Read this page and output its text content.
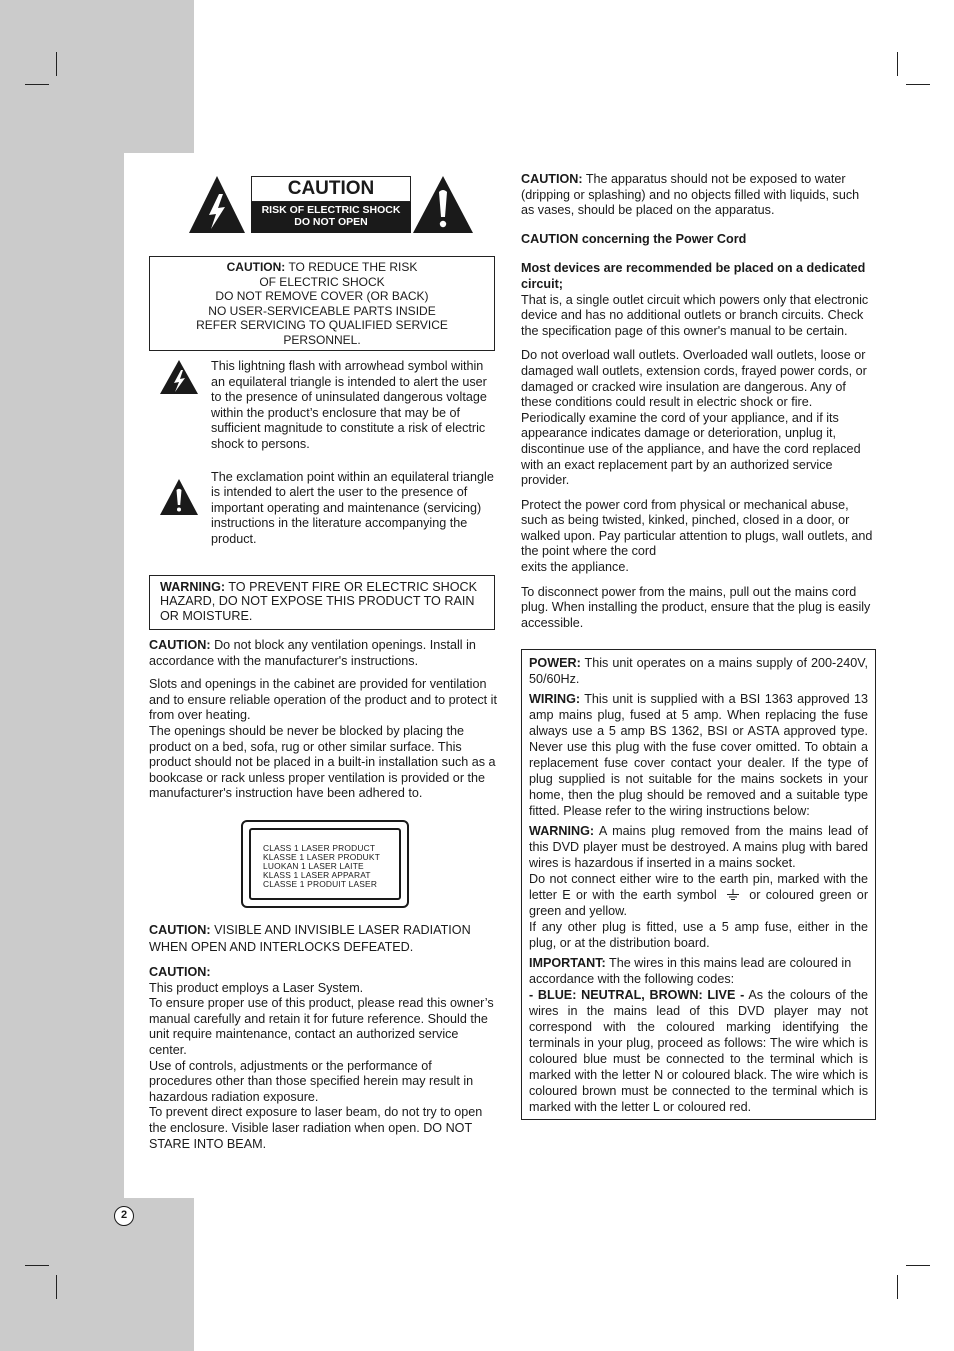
CAUTION
RISK OF ELECTRIC SHOCK
DO NOT OPEN
CAUTION: TO REDUCE THE RISK
OF ELECTRIC SHOCK
DO NOT REMOVE COVER (OR BACK)
NO USER-SERVICEABLE PARTS INSIDE
REFER SERVICING TO QUALIFIED SERVICE
PERSONNEL.

This lightning flash with arrowhead symbol within an equilateral triangle is intended to alert the user to the presence of uninsulated dangerous voltage within the product’s enclosure that may be of sufficient magnitude to constitute a risk of electric shock to persons.

The exclamation point within an equilateral triangle is intended to alert the user to the presence of important operating and maintenance (servicing) instructions in the literature accompanying the product.

WARNING: TO PREVENT FIRE OR ELECTRIC SHOCK HAZARD, DO NOT EXPOSE THIS PRODUCT TO RAIN OR MOISTURE.

CAUTION: Do not block any ventilation openings. Install in accordance with the manufacturer's instructions.

Slots and openings in the cabinet are provided for ventilation and to ensure reliable operation of the product and to protect it from over heating.

The openings should be never be blocked by placing the product on a bed, sofa, rug or other similar surface. This product should not be placed in a built-in installation such as a bookcase or rack unless proper ventilation is provided or the manufacturer's instruction have been adhered to.

CLASS 1 LASER PRODUCT
KLASSE 1 LASER PRODUKT
LUOKAN 1 LASER LAITE
KLASS 1 LASER APPARAT
CLASSE 1 PRODUIT LASER

CAUTION: VISIBLE AND INVISIBLE LASER RADIATION WHEN OPEN AND INTERLOCKS DEFEATED.

CAUTION:

This product employs a Laser System.

To ensure proper use of this product, please read this owner’s manual carefully and retain it for future reference. Should the unit require maintenance, contact an authorized service center.

Use of controls, adjustments or the performance of procedures other than those specified herein may result in hazardous radiation exposure.

To prevent direct exposure to laser beam, do not try to open the enclosure. Visible laser radiation when open. DO NOT STARE INTO BEAM.

CAUTION: The apparatus should not be exposed to water (dripping or splashing) and no objects filled with liquids, such as vases, should be placed on the apparatus.

CAUTION concerning the Power Cord

Most devices are recommended be placed on a dedicated circuit;

That is, a single outlet circuit which powers only that electronic device and has no additional outlets or branch circuits. Check the specification page of this owner's manual to be certain.

Do not overload wall outlets. Overloaded wall outlets, loose or damaged wall outlets, extension cords, frayed power cords, or damaged or cracked wire insulation are dangerous. Any of these conditions could result in electric shock or fire. Periodically examine the cord of your appliance, and if its appearance indicates damage or deterioration, unplug it, discontinue use of the appliance, and have the cord replaced with an exact replacement part by an authorized service provider.

Protect the power cord from physical or mechanical abuse, such as being twisted, kinked, pinched, closed in a door, or walked upon. Pay particular attention to plugs, wall outlets, and the point where the cord

exits the appliance.

To disconnect power from the mains, pull out the mains cord plug. When installing the product, ensure that the plug is easily accessible.

POWER: This unit operates on a mains supply of 200-240V, 50/60Hz.

WIRING: This unit is supplied with a BSI 1363 approved 13 amp mains plug, fused at 5 amp. When replacing the fuse always use a 5 amp BS 1362, BSI or ASTA approved type. Never use this plug with the fuse cover omitted. To obtain a replacement fuse cover contact your dealer. If the type of plug supplied is not suitable for the mains sockets in your home, then the plug should be removed and a suitable type fitted. Please refer to the wiring instructions below:

WARNING: A mains plug removed from the mains lead of this DVD player must be destroyed. A mains plug with bared wires is hazardous if inserted in a mains socket.

Do not connect either wire to the earth pin, marked with the letter E or with the earth symbol	or coloured green or green and yellow.

If any other plug is fitted, use a 5 amp fuse, either in the plug, or at the distribution board.

IMPORTANT: The wires in this mains lead are coloured in accordance with the following codes:

- BLUE: NEUTRAL, BROWN: LIVE - As the colours of the wires in the mains lead of this DVD player may not correspond with the coloured marking identifying the terminals in your plug, proceed as follows: The wire which is coloured blue must be connected to the terminal which is marked with the letter N or coloured black. The wire which is coloured brown must be connected to the terminal which is marked with the letter L or coloured red.

2
